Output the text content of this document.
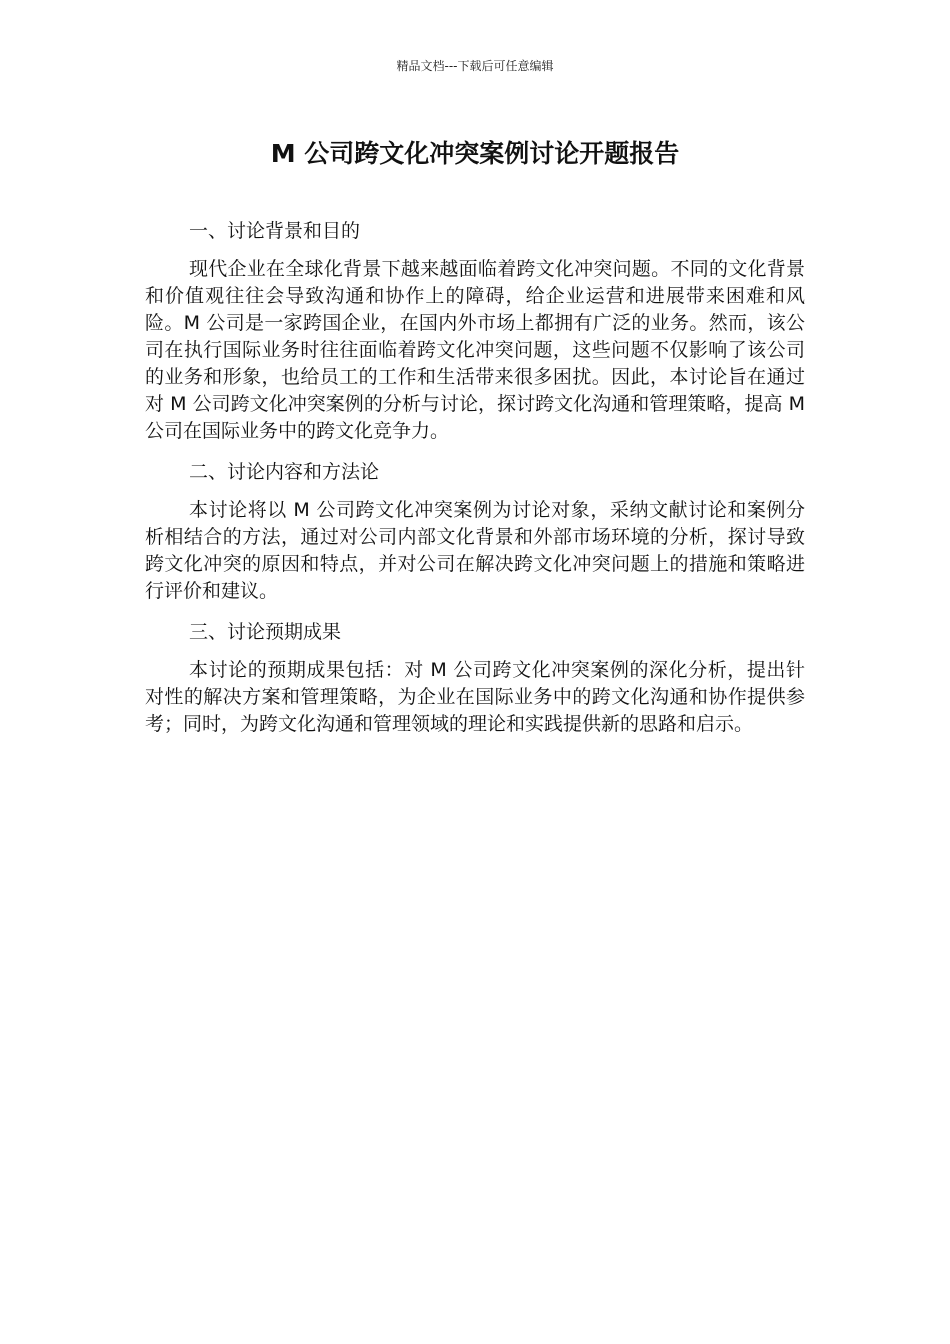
精品文档---下载后可任意编辑
M 公司跨文化冲突案例讨论开题报告
一、讨论背景和目的

现代企业在全球化背景下越来越面临着跨文化冲突问题。不同的文化背景和价值观往往会导致沟通和协作上的障碍，给企业运营和进展带来困难和风险。M 公司是一家跨国企业，在国内外市场上都拥有广泛的业务。然而，该公司在执行国际业务时往往面临着跨文化冲突问题，这些问题不仅影响了该公司的业务和形象，也给员工的工作和生活带来很多困扰。因此，本讨论旨在通过对 M 公司跨文化冲突案例的分析与讨论，探讨跨文化沟通和管理策略，提高 M 公司在国际业务中的跨文化竞争力。

二、讨论内容和方法论

本讨论将以 M 公司跨文化冲突案例为讨论对象，采纳文献讨论和案例分析相结合的方法，通过对公司内部文化背景和外部市场环境的分析，探讨导致跨文化冲突的原因和特点，并对公司在解决跨文化冲突问题上的措施和策略进行评价和建议。

三、讨论预期成果

本讨论的预期成果包括：对 M 公司跨文化冲突案例的深化分析，提出针对性的解决方案和管理策略，为企业在国际业务中的跨文化沟通和协作提供参考；同时，为跨文化沟通和管理领域的理论和实践提供新的思路和启示。
